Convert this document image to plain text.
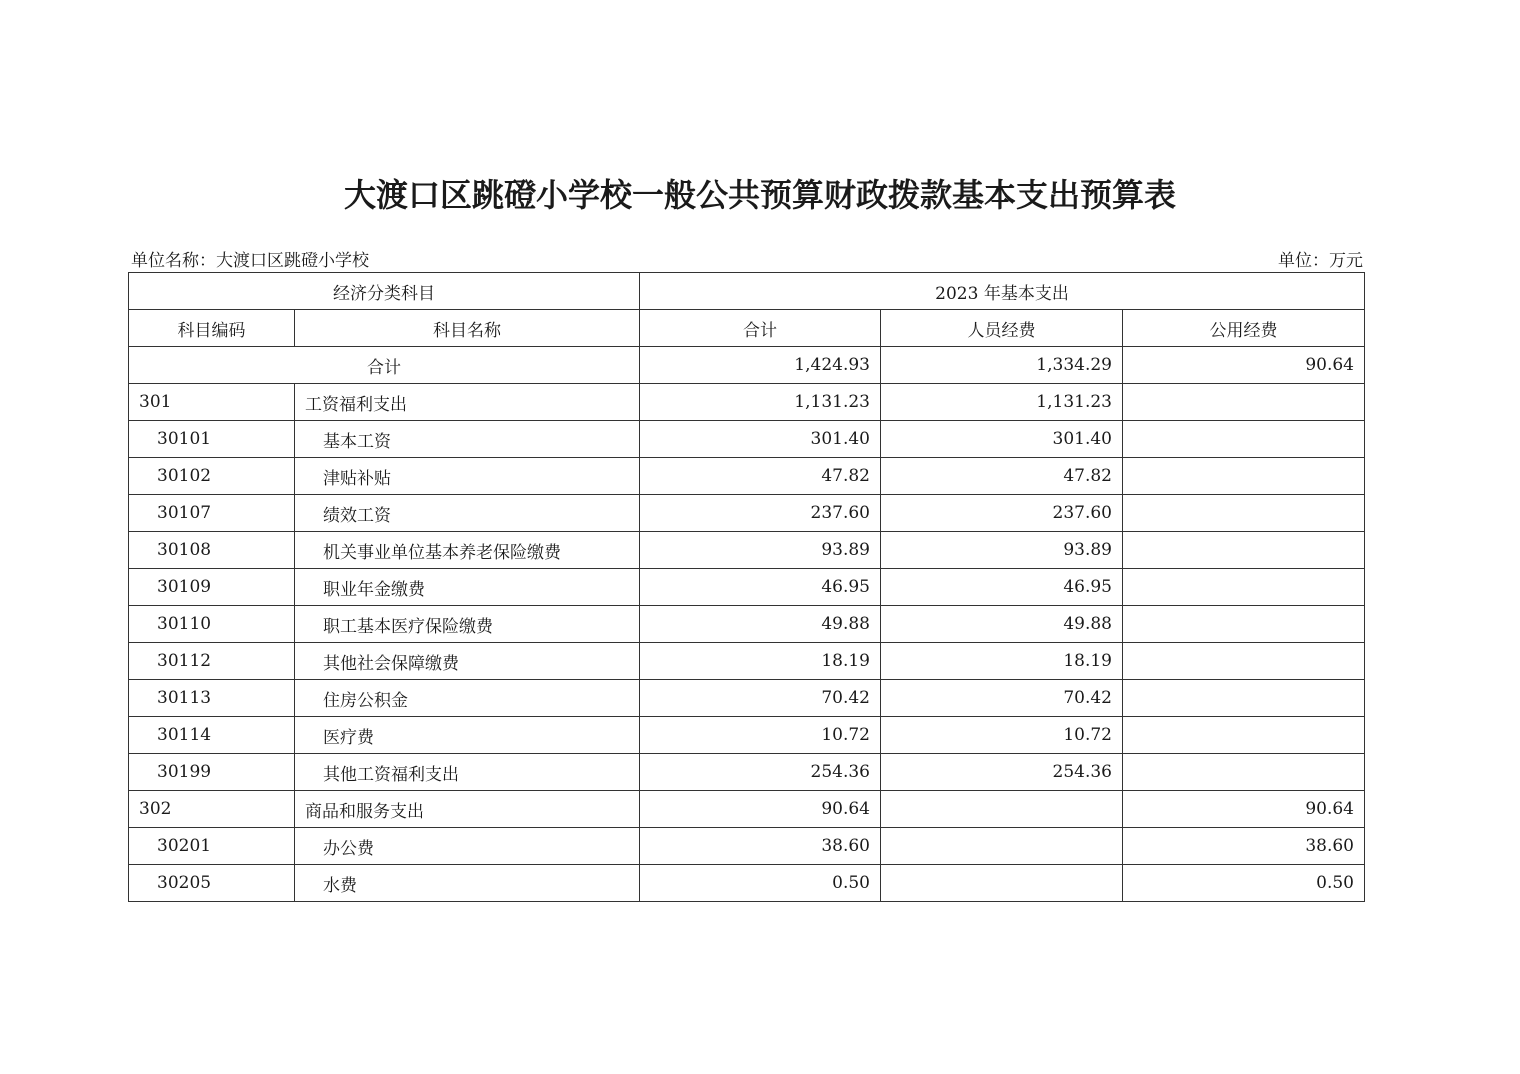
大渡口区跳磴小学校一般公共预算财政拨款基本支出预算表
单位名称：大渡口区跳磴小学校	单位：万元
经济分类科目		2023 年基本支出		
科目编码	科目名称	合计	人员经费	公用经费
合计		1,424.93	1,334.29	90.64
301	工资福利支出	1,131.23	1,131.23	
30101	基本工资	301.40	301.40	
30102	津贴补贴	47.82	47.82	
30107	绩效工资	237.60	237.60	
30108	机关事业单位基本养老保险缴费	93.89	93.89	
30109	职业年金缴费	46.95	46.95	
30110	职工基本医疗保险缴费	49.88	49.88	
30112	其他社会保障缴费	18.19	18.19	
30113	住房公积金	70.42	70.42	
30114	医疗费	10.72	10.72	
30199	其他工资福利支出	254.36	254.36	
302	商品和服务支出	90.64		90.64
30201	办公费	38.60		38.60
30205	水费	0.50		0.50
